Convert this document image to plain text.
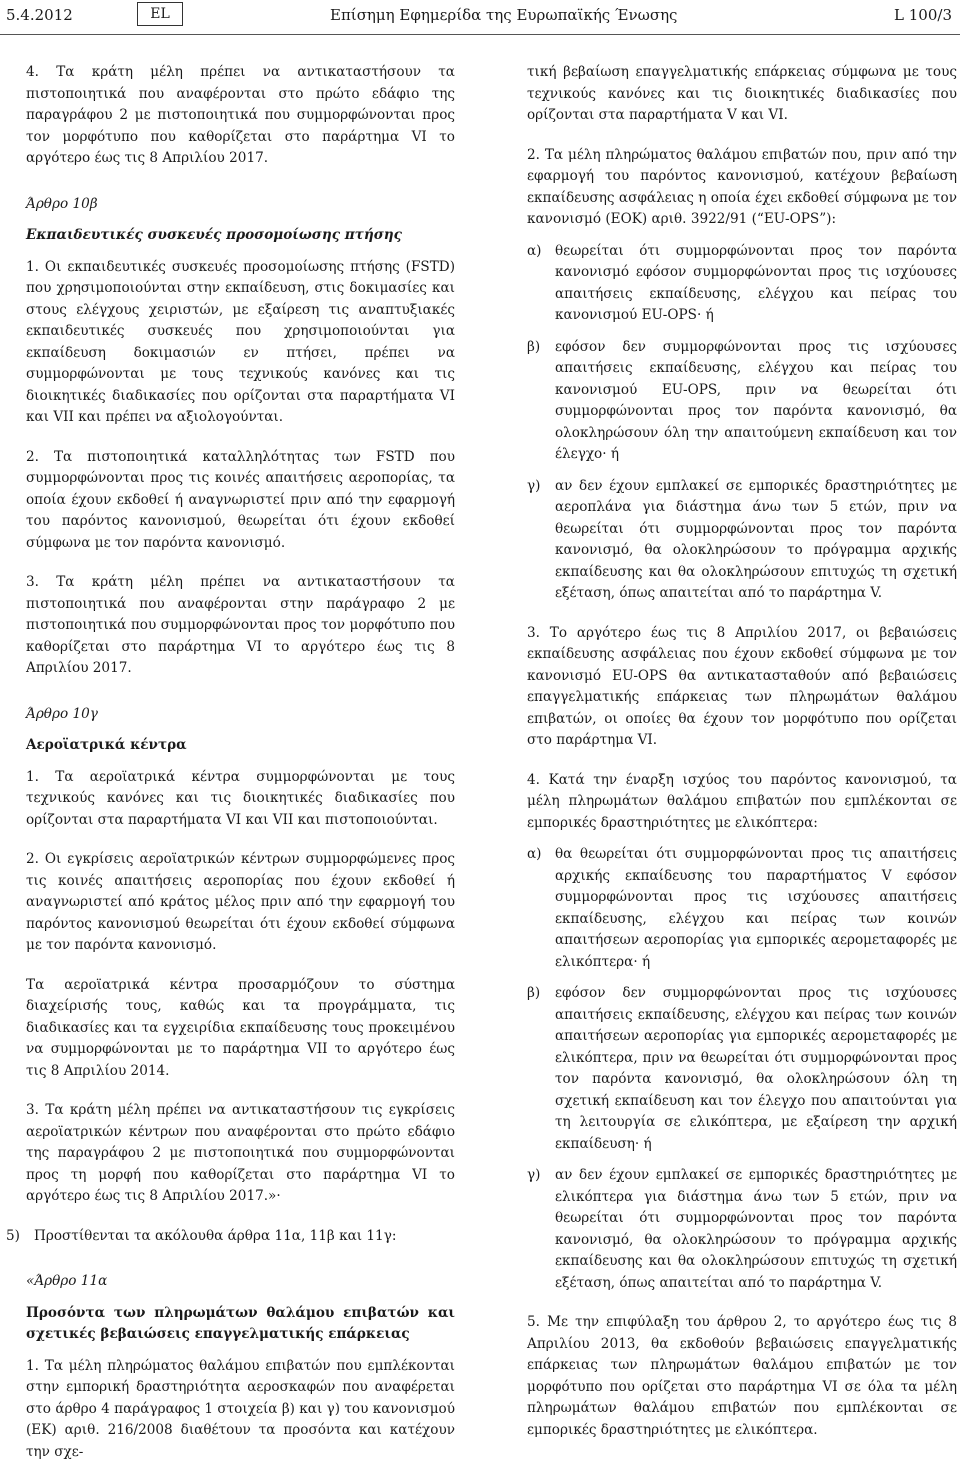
5.4.2012	EL	Επίσημη Εφημερίδα της Ευρωπαϊκής Ένωσης	L 100/3

4. Τα κράτη μέλη πρέπει να αντικαταστήσουν τα πιστοποιητικά που αναφέρονται στο πρώτο εδάφιο της παραγράφου 2 με πιστοποιητικά που συμμορφώνονται προς τον μορφότυπο που καθορίζεται στο παράρτημα VI το αργότερο έως τις 8 Απριλίου 2017.

Άρθρο 10β

Εκπαιδευτικές συσκευές προσομοίωσης πτήσης

1. Οι εκπαιδευτικές συσκευές προσομοίωσης πτήσης (FSTD) που χρησιμοποιούνται στην εκπαίδευση, στις δοκιμασίες και στους ελέγχους χειριστών, με εξαίρεση τις αναπτυξιακές εκπαιδευτικές συσκευές που χρησιμοποιούνται για εκπαίδευση δοκιμασιών εν πτήσει, πρέπει να συμμορφώνονται με τους τεχνικούς κανόνες και τις διοικητικές διαδικασίες που ορίζονται στα παραρτήματα VI και VII και πρέπει να αξιολογούνται.

2. Τα πιστοποιητικά καταλληλότητας των FSTD που συμμορφώνονται προς τις κοινές απαιτήσεις αεροπορίας, τα οποία έχουν εκδοθεί ή αναγνωριστεί πριν από την εφαρμογή του παρόντος κανονισμού, θεωρείται ότι έχουν εκδοθεί σύμφωνα με τον παρόντα κανονισμό.

3. Τα κράτη μέλη πρέπει να αντικαταστήσουν τα πιστοποιητικά που αναφέρονται στην παράγραφο 2 με πιστοποιητικά που συμμορφώνονται προς τον μορφότυπο που καθορίζεται στο παράρτημα VI το αργότερο έως τις 8 Απριλίου 2017.

Άρθρο 10γ

Αεροϊατρικά κέντρα

1. Τα αεροϊατρικά κέντρα συμμορφώνονται με τους τεχνικούς κανόνες και τις διοικητικές διαδικασίες που ορίζονται στα παραρτήματα VI και VII και πιστοποιούνται.

2. Οι εγκρίσεις αεροϊατρικών κέντρων συμμορφώμενες προς τις κοινές απαιτήσεις αεροπορίας που έχουν εκδοθεί ή αναγνωριστεί από κράτος μέλος πριν από την εφαρμογή του παρόντος κανονισμού θεωρείται ότι έχουν εκδοθεί σύμφωνα με τον παρόντα κανονισμό.

Τα αεροϊατρικά κέντρα προσαρμόζουν το σύστημα διαχείρισής τους, καθώς και τα προγράμματα, τις διαδικασίες και τα εγχειρίδια εκπαίδευσης τους προκειμένου να συμμορφώνονται με το παράρτημα VII το αργότερο έως τις 8 Απριλίου 2014.

3. Τα κράτη μέλη πρέπει να αντικαταστήσουν τις εγκρίσεις αεροϊατρικών κέντρων που αναφέρονται στο πρώτο εδάφιο της παραγράφου 2 με πιστοποιητικά που συμμορφώνονται προς τη μορφή που καθορίζεται στο παράρτημα VI το αργότερο έως τις 8 Απριλίου 2017.»·

5)	Προστίθενται τα ακόλουθα άρθρα 11α, 11β και 11γ:

«Άρθρο 11α

Προσόντα των πληρωμάτων θαλάμου επιβατών και σχετικές βεβαιώσεις επαγγελματικής επάρκειας

1. Τα μέλη πληρώματος θαλάμου επιβατών που εμπλέκονται στην εμπορική δραστηριότητα αεροσκαφών που αναφέρεται στο άρθρο 4 παράγραφος 1 στοιχεία β) και γ) του κανονισμού (ΕΚ) αριθ. 216/2008 διαθέτουν τα προσόντα και κατέχουν την σχε-

τική βεβαίωση επαγγελματικής επάρκειας σύμφωνα με τους τεχνικούς κανόνες και τις διοικητικές διαδικασίες που ορίζονται στα παραρτήματα V και VI.

2. Τα μέλη πληρώματος θαλάμου επιβατών που, πριν από την εφαρμογή του παρόντος κανονισμού, κατέχουν βεβαίωση εκπαίδευσης ασφάλειας η οποία έχει εκδοθεί σύμφωνα με τον κανονισμό (ΕΟΚ) αριθ. 3922/91 (“EU-OPS”):

α) θεωρείται ότι συμμορφώνονται προς τον παρόντα κανονισμό εφόσον συμμορφώνονται προς τις ισχύουσες απαιτήσεις εκπαίδευσης, ελέγχου και πείρας του κανονισμού EU-OPS· ή
β)	εφόσον δεν συμμορφώνονται προς τις ισχύουσες απαιτήσεις εκπαίδευσης, ελέγχου και πείρας του κανονισμού EU-OPS, πριν να θεωρείται ότι συμμορφώνονται προς τον παρόντα κανονισμό, θα ολοκληρώσουν όλη την απαιτούμενη εκπαίδευση και τον έλεγχο· ή
γ)	αν δεν έχουν εμπλακεί σε εμπορικές δραστηριότητες με αεροπλάνα για διάστημα άνω των 5 ετών, πριν να θεωρείται ότι συμμορφώνονται προς τον παρόντα κανονισμό, θα ολοκληρώσουν το πρόγραμμα αρχικής εκπαίδευσης και θα ολοκληρώσουν επιτυχώς τη σχετική εξέταση, όπως απαιτείται από το παράρτημα V.

3. Το αργότερο έως τις 8 Απριλίου 2017, οι βεβαιώσεις εκπαίδευσης ασφάλειας που έχουν εκδοθεί σύμφωνα με τον κανονισμό EU-OPS θα αντικατασταθούν από βεβαιώσεις επαγγελματικής επάρκειας των πληρωμάτων θαλάμου επιβατών, οι οποίες θα έχουν τον μορφότυπο που ορίζεται στο παράρτημα VI.

4. Κατά την έναρξη ισχύος του παρόντος κανονισμού, τα μέλη πληρωμάτων θαλάμου επιβατών που εμπλέκονται σε εμπορικές δραστηριότητες με ελικόπτερα:

α) θα θεωρείται ότι συμμορφώνονται προς τις απαιτήσεις αρχικής εκπαίδευσης του παραρτήματος V εφόσον συμμορφώνονται προς τις ισχύουσες απαιτήσεις εκπαίδευσης, ελέγχου και πείρας των κοινών απαιτήσεων αεροπορίας για εμπορικές αερομεταφορές με ελικόπτερα· ή
β)	εφόσον δεν συμμορφώνονται προς τις ισχύουσες απαιτήσεις εκπαίδευσης, ελέγχου και πείρας των κοινών απαιτήσεων αεροπορίας για εμπορικές αερομεταφορές με ελικόπτερα, πριν να θεωρείται ότι συμμορφώνονται προς τον παρόντα κανονισμό, θα ολοκληρώσουν όλη τη σχετική εκπαίδευση και τον έλεγχο που απαιτούνται για τη λειτουργία σε ελικόπτερα, με εξαίρεση την αρχική εκπαίδευση· ή
γ)	αν δεν έχουν εμπλακεί σε εμπορικές δραστηριότητες με ελικόπτερα για διάστημα άνω των 5 ετών, πριν να θεωρείται ότι συμμορφώνονται προς τον παρόντα κανονισμό, θα ολοκληρώσουν το πρόγραμμα αρχικής εκπαίδευσης και θα ολοκληρώσουν επιτυχώς τη σχετική εξέταση, όπως απαιτείται από το παράρτημα V.

5. Με την επιφύλαξη του άρθρου 2, το αργότερο έως τις 8 Απριλίου 2013, θα εκδοθούν βεβαιώσεις επαγγελματικής επάρκειας των πληρωμάτων θαλάμου επιβατών με τον μορφότυπο που ορίζεται στο παράρτημα VI σε όλα τα μέλη πληρωμάτων θαλάμου επιβατών που εμπλέκονται σε εμπορικές δραστηριότητες με ελικόπτερα.
